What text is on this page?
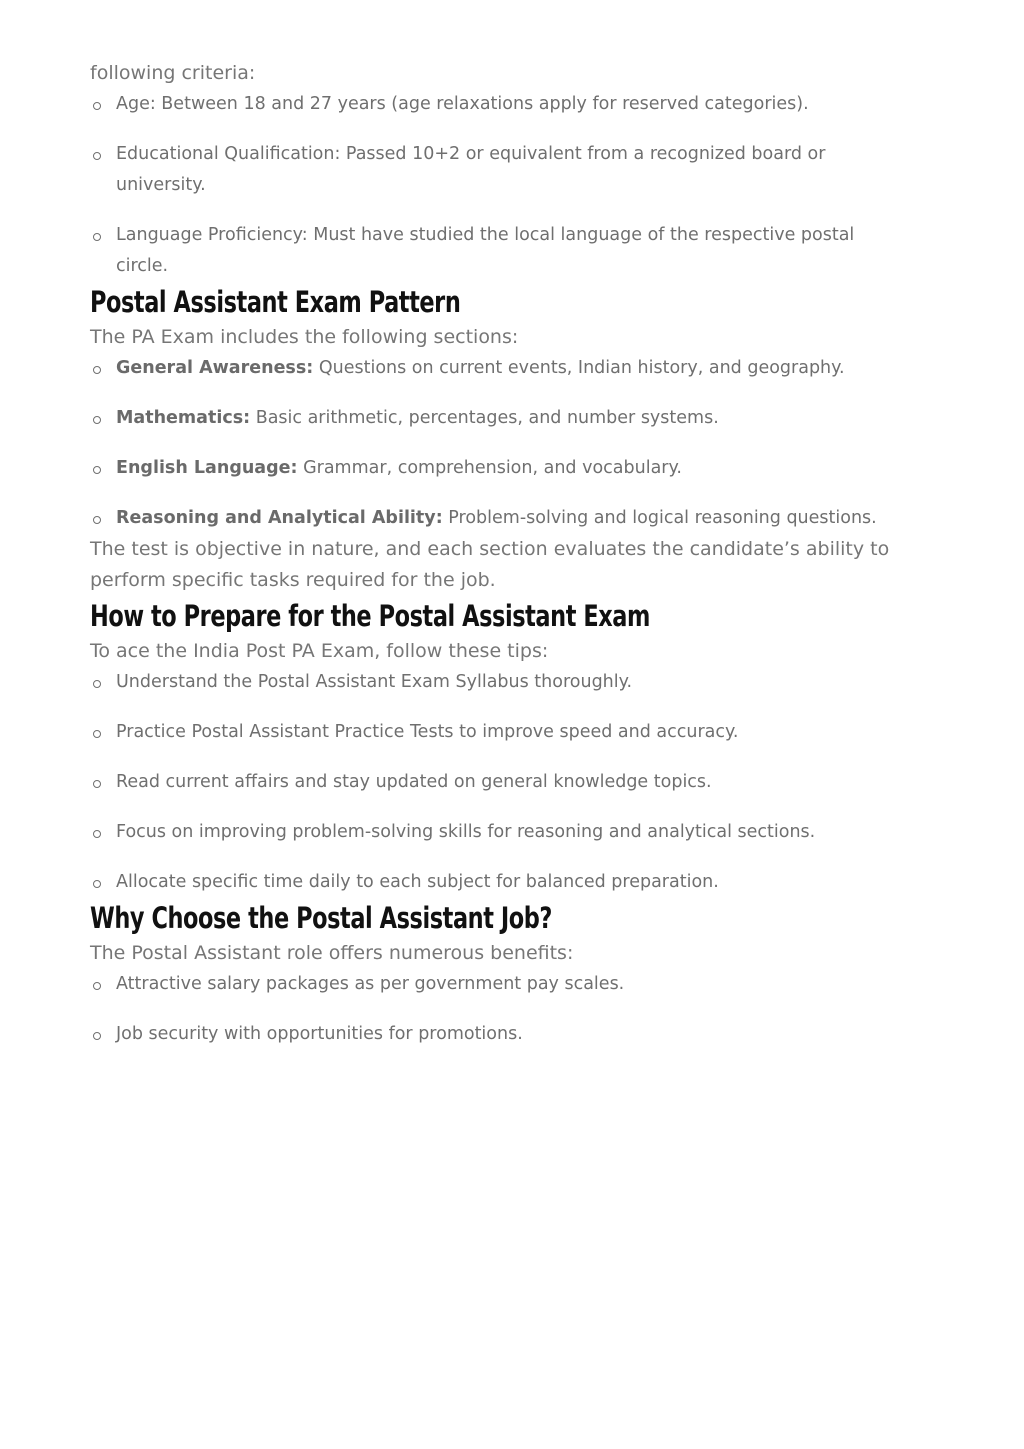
following criteria:

Age: Between 18 and 27 years (age relaxations apply for reserved categories).
Educational Qualification: Passed 10+2 or equivalent from a recognized board or university.
Language Proficiency: Must have studied the local language of the respective postal circle.
Postal Assistant Exam Pattern

The PA Exam includes the following sections:

General Awareness: Questions on current events, Indian history, and geography.
Mathematics: Basic arithmetic, percentages, and number systems.
English Language: Grammar, comprehension, and vocabulary.
Reasoning and Analytical Ability: Problem-solving and logical reasoning questions.

The test is objective in nature, and each section evaluates the candidate’s ability to perform specific tasks required for the job.

How to Prepare for the Postal Assistant Exam

To ace the India Post PA Exam, follow these tips:

Understand the Postal Assistant Exam Syllabus thoroughly.
Practice Postal Assistant Practice Tests to improve speed and accuracy.
Read current affairs and stay updated on general knowledge topics.
Focus on improving problem-solving skills for reasoning and analytical sections.
Allocate specific time daily to each subject for balanced preparation.
Why Choose the Postal Assistant Job?

The Postal Assistant role offers numerous benefits:

Attractive salary packages as per government pay scales.
Job security with opportunities for promotions.
